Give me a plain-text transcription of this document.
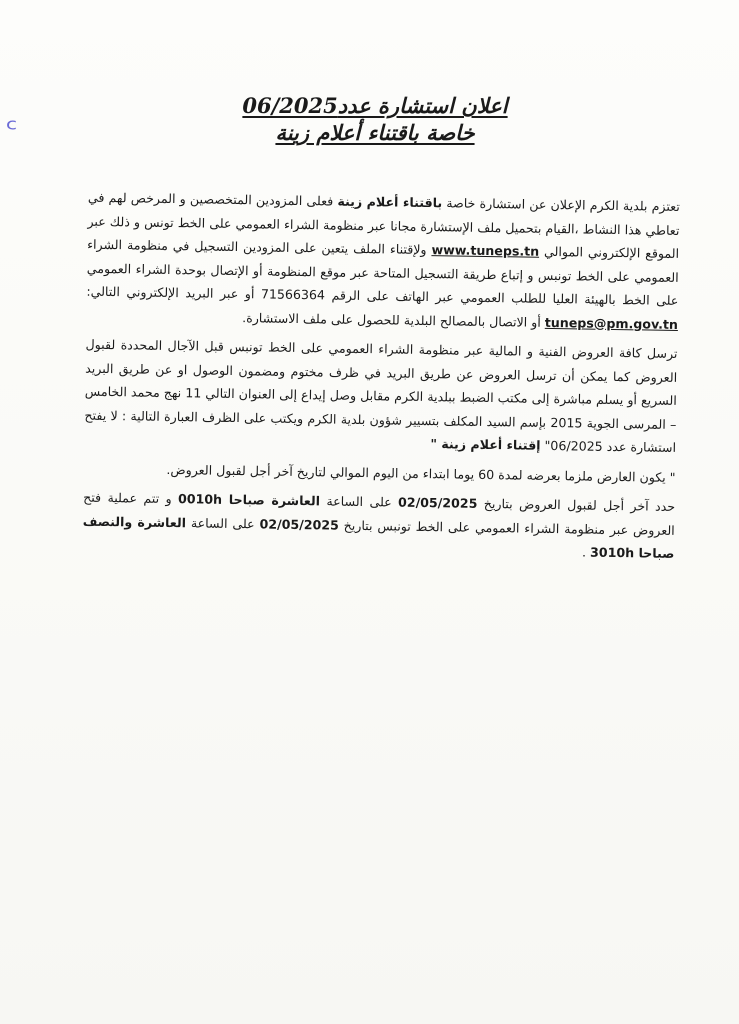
c
اعلان استشارة عدد06/2025
خاصة باقتناء أعلام زينة

تعتزم بلدية الكرم الإعلان عن استشارة خاصة باقتناء أعلام زينة فعلى المزودين المتخصصين و المرخص لهم في تعاطي هذا النشاط ،القيام بتحميل ملف الإستشارة مجانا عبر منظومة الشراء العمومي على الخط تونس و ذلك عبر الموقع الإلكتروني الموالي www.tuneps.tn ولإقتناء الملف يتعين على المزودين التسجيل في منظومة الشراء العمومي على الخط تونبس و إتباع طريقة التسجيل المتاحة عبر موقع المنظومة أو الإتصال بوحدة الشراء العمومي على الخط بالهيئة العليا للطلب العمومي عبر الهاتف على الرقم 71566364 أو عبر البريد الإلكتروني التالي: tuneps@pm.gov.tn أو الاتصال بالمصالح البلدية للحصول على ملف الاستشارة.

ترسل كافة العروض الفنية و المالية عبر منظومة الشراء العمومي على الخط تونبس قبل الآجال المحددة لقبول العروض كما يمكن أن ترسل العروض عن طريق البريد في ظرف مختوم ومضمون الوصول او عن طريق البريد السريع أو يسلم مباشرة إلى مكتب الضبط ببلدية الكرم مقابل وصل إيداع إلى العنوان التالي 11 نهج محمد الخامس – المرسى الجوية 2015 بإسم السيد المكلف بتسيير شؤون بلدية الكرم ويكتب على الظرف العبارة التالية : لا يفتح استشارة عدد 06/2025" إقتناء أعلام زينة "

" يكون العارض ملزما بعرضه لمدة 60 يوما ابتداء من اليوم الموالي لتاريخ آخر أجل لقبول العروض.

حدد آخر أجل لقبول العروض بتاريخ 02/05/2025 على الساعة العاشرة صباحا 0010h و تتم عملية فتح العروض عبر منظومة الشراء العمومي على الخط تونبس بتاريخ 02/05/2025 على الساعة العاشرة والنصف صباحا 3010h .
